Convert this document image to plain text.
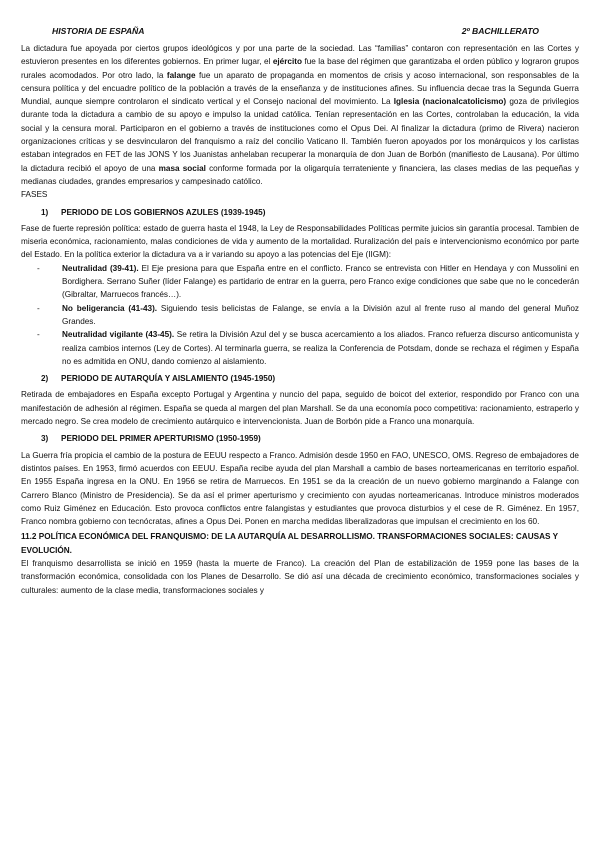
HISTORIA DE ESPAÑA	2º BACHILLERATO

La dictadura fue apoyada por ciertos grupos ideológicos y por una parte de la sociedad. Las “familias” contaron con representación en las Cortes y estuvieron presentes en los diferentes gobiernos. En primer lugar, el ejército fue la base del régimen que garantizaba el orden público y lograron grupos rurales acomodados. Por otro lado, la falange fue un aparato de propaganda en momentos de crisis y acoso internacional, son responsables de la censura política y del encuadre político de la población a través de la enseñanza y de instituciones afines. Su influencia decae tras la Segunda Guerra Mundial, aunque siempre controlaron el sindicato vertical y el Consejo nacional del movimiento. La Iglesia (nacionalcatolicismo) goza de privilegios durante toda la dictadura a cambio de su apoyo e impulso la unidad católica. Tenían representación en las Cortes, controlaban la educación, la vida social y la censura moral. Participaron en el gobierno a través de instituciones como el Opus Dei. Al finalizar la dictadura (primo de Rivera) nacieron organizaciones críticas y se desvincularon del franquismo a raíz del concilio Vaticano II. También fueron apoyados por los monárquicos y los carlistas estaban integrados en FET de las JONS Y los Juanistas anhelaban recuperar la monarquía de don Juan de Borbón (manifiesto de Lausana). Por último la dictadura recibió el apoyo de una masa social conforme formada por la oligarquía terrateniente y financiera, las clases medias de las pequeñas y medianas ciudades, grandes empresarios y campesinado católico.

FASES
1) PERIODO DE LOS GOBIERNOS AZULES (1939-1945)

Fase de fuerte represión política: estado de guerra hasta el 1948, la Ley de Responsabilidades Políticas permite juicios sin garantía procesal. Tambien de miseria económica, racionamiento, malas condiciones de vida y aumento de la mortalidad. Ruralización del país e intervencionismo económico por parte del Estado. En la política exterior la dictadura va a ir variando su apoyo a las potencias del Eje (IIGM):

-	Neutralidad (39-41). El Eje presiona para que España entre en el conflicto. Franco se entrevista con Hitler en Hendaya y con Mussolini en Bordighera. Serrano Suñer (líder Falange) es partidario de entrar en la guerra, pero Franco exige condiciones que sabe que no le concederán (Gibraltar, Marruecos francés…).
-	No beligerancia (41-43). Siguiendo tesis belicistas de Falange, se envía a la División azul al frente ruso al mando del general Muñoz Grandes.
-	Neutralidad vigilante (43-45). Se retira la División Azul del y se busca acercamiento a los aliados. Franco refuerza discurso anticomunista y realiza cambios internos (Ley de Cortes). Al terminarla guerra, se realiza la Conferencia de Potsdam, donde se rechaza el régimen y España no es admitida en ONU, dando comienzo al aislamiento.
2) PERIODO DE AUTARQUÍA Y AISLAMIENTO (1945-1950)

Retirada de embajadores en España excepto Portugal y Argentina y nuncio del papa, seguido de boicot del exterior, respondido por Franco con una manifestación de adhesión al régimen. España se queda al margen del plan Marshall. Se da una economía poco competitiva: racionamiento, estraperlo y mercado negro. Se crea modelo de crecimiento autárquico e intervencionista. Juan de Borbón pide a Franco una monarquía.

3) PERIODO DEL PRIMER APERTURISMO (1950-1959)

La Guerra fría propicia el cambio de la postura de EEUU respecto a Franco. Admisión desde 1950 en FAO, UNESCO, OMS. Regreso de embajadores de distintos países. En 1953, firmó acuerdos con EEUU. España recibe ayuda del plan Marshall a cambio de bases norteamericanas en territorio español. En 1955 España ingresa en la ONU. En 1956 se retira de Marruecos. En 1951 se da la creación de un nuevo gobierno marginando a Falange con Carrero Blanco (Ministro de Presidencia). Se da así el primer aperturismo y crecimiento con ayudas norteamericanas. Introduce ministros moderados como Ruiz Giménez en Educación. Esto provoca conflictos entre falangistas y estudiantes que provoca disturbios y el cese de R. Giménez. En 1957, Franco nombra gobierno con tecnócratas, afines a Opus Dei. Ponen en marcha medidas liberalizadoras que impulsan el crecimiento en los 60.

11.2 POLÍTICA ECONÓMICA DEL FRANQUISMO: DE LA AUTARQUÍA AL DESARROLLISMO. TRANSFORMACIONES SOCIALES: CAUSAS Y EVOLUCIÓN.

El franquismo desarrollista se inició en 1959 (hasta la muerte de Franco). La creación del Plan de estabilización de 1959 pone las bases de la transformación económica, consolidada con los Planes de Desarrollo. Se dió así una década de crecimiento económico, transformaciones sociales y culturales: aumento de la clase media, transformaciones sociales y
